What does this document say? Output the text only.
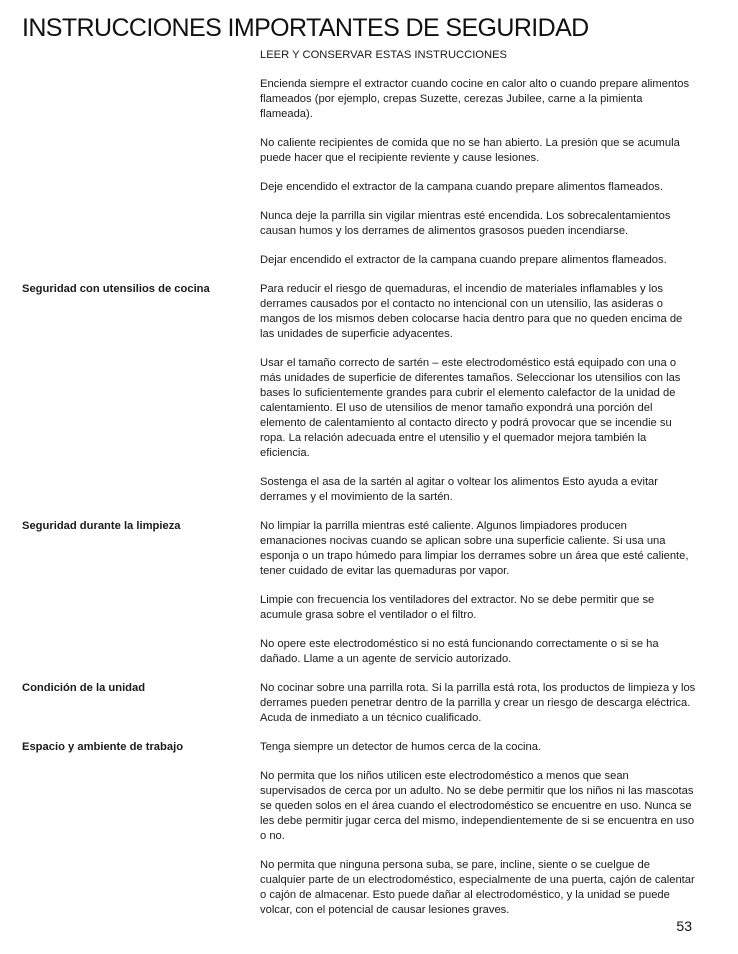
INSTRUCCIONES IMPORTANTES DE SEGURIDAD

LEER Y CONSERVAR ESTAS INSTRUCCIONES

Encienda siempre el extractor cuando cocine en calor alto o cuando prepare alimentos flameados (por ejemplo, crepas Suzette, cerezas Jubilee, carne a la pimienta flameada).

No caliente recipientes de comida que no se han abierto. La presión que se acumula puede hacer que el recipiente reviente y cause lesiones.

Deje encendido el extractor de la campana cuando prepare alimentos flameados.

Nunca deje la parrilla sin vigilar mientras esté encendida. Los sobrecalentamientos causan humos y los derrames de alimentos grasosos pueden incendiarse.

Dejar encendido el extractor de la campana cuando prepare alimentos flameados.

Seguridad con utensilios de cocina	Para reducir el riesgo de quemaduras, el incendio de materiales inflamables y los derrames causados por el contacto no intencional con un utensilio, las asideras o mangos de los mismos deben colocarse hacia dentro para que no queden encima de las unidades de superficie adyacentes.

Usar el tamaño correcto de sartén – este electrodoméstico está equipado con una o más unidades de superficie de diferentes tamaños. Seleccionar los utensilios con las bases lo suficientemente grandes para cubrir el elemento calefactor de la unidad de calentamiento. El uso de utensilios de menor tamaño expondrá una porción del elemento de calentamiento al contacto directo y podrá provocar que se incendie su ropa. La relación adecuada entre el utensilio y el quemador mejora también la eficiencia.

Sostenga el asa de la sartén al agitar o voltear los alimentos Esto ayuda a evitar derrames y el movimiento de la sartén.

Seguridad durante la limpieza	No limpiar la parrilla mientras esté caliente. Algunos limpiadores producen emanaciones nocivas cuando se aplican sobre una superficie caliente. Si usa una esponja o un trapo húmedo para limpiar los derrames sobre un área que esté caliente, tener cuidado de evitar las quemaduras por vapor.

Limpie con frecuencia los ventiladores del extractor. No se debe permitir que se acumule grasa sobre el ventilador o el filtro.

No opere este electrodoméstico si no está funcionando correctamente o si se ha dañado. Llame a un agente de servicio autorizado.

Condición de la unidad	No cocinar sobre una parrilla rota. Si la parrilla está rota, los productos de limpieza y los derrames pueden penetrar dentro de la parrilla y crear un riesgo de descarga eléctrica. Acuda de inmediato a un técnico cualificado.

Espacio y ambiente de trabajo	Tenga siempre un detector de humos cerca de la cocina.

No permita que los niños utilicen este electrodoméstico a menos que sean supervisados de cerca por un adulto. No se debe permitir que los niños ni las mascotas se queden solos en el área cuando el electrodoméstico se encuentre en uso. Nunca se les debe permitir jugar cerca del mismo, independientemente de si se encuentra en uso o no.

No permita que ninguna persona suba, se pare, incline, siente o se cuelgue de cualquier parte de un electrodoméstico, especialmente de una puerta, cajón de calentar o cajón de almacenar. Esto puede dañar al electrodoméstico, y la unidad se puede volcar, con el potencial de causar lesiones graves.

53
